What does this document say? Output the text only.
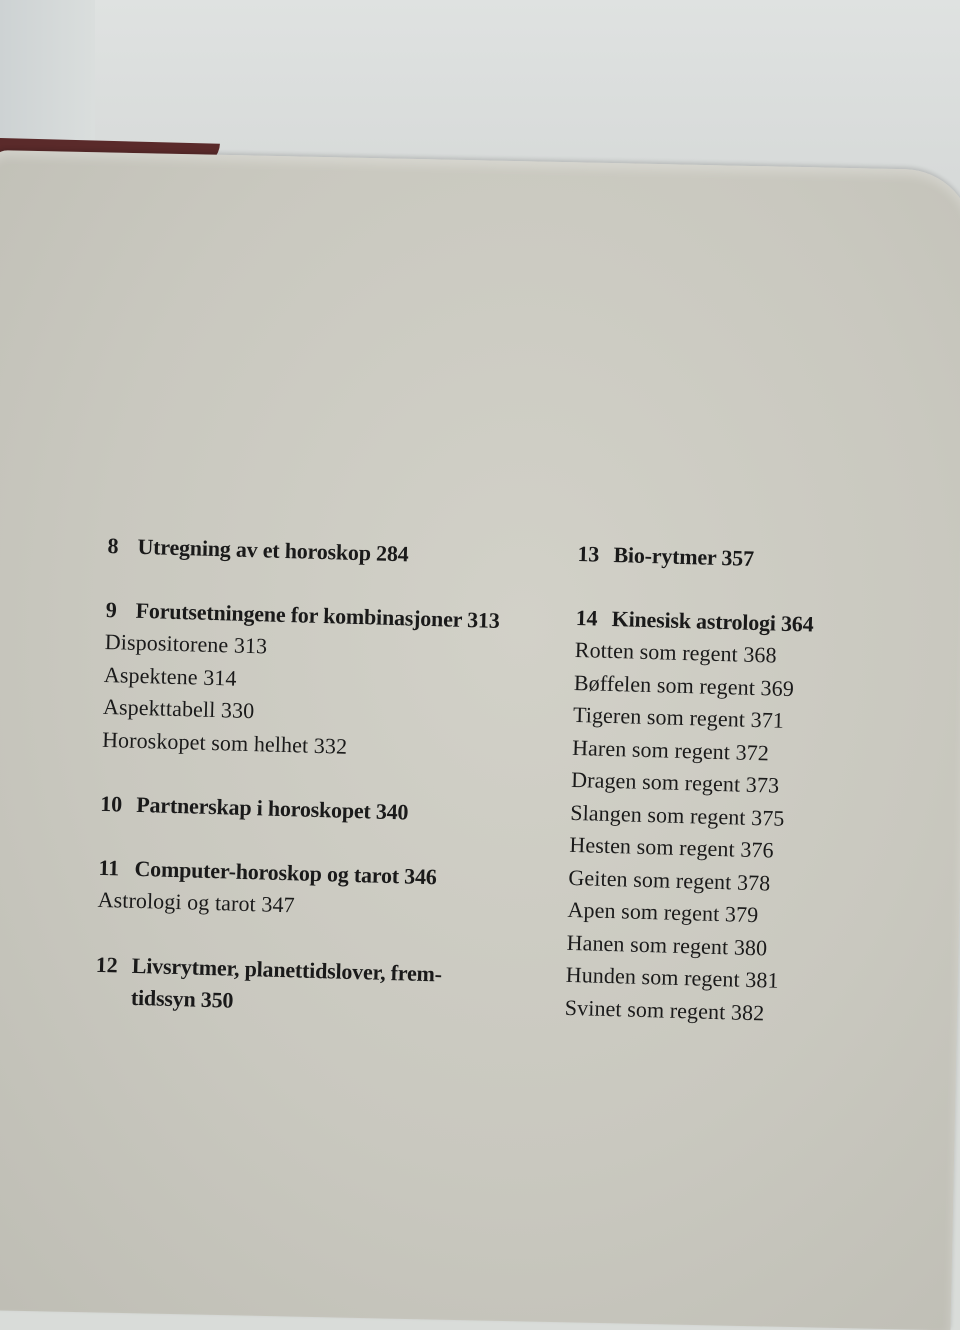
8 Utregning av et horoskop 284

9 Forutsetningene for kombinasjoner 313

Dispositorene 313

Aspektene 314

Aspekttabell 330

Horoskopet som helhet 332

10 Partnerskap i horoskopet 340

11 Computer-horoskop og tarot 346

Astrologi og tarot 347

12 Livsrytmer, planettidslover, frem-
tidssyn 350

13 Bio-rytmer 357

14 Kinesisk astrologi 364

Rotten som regent 368

Bøffelen som regent 369

Tigeren som regent 371

Haren som regent 372

Dragen som regent 373

Slangen som regent 375

Hesten som regent 376

Geiten som regent 378

Apen som regent 379

Hanen som regent 380

Hunden som regent 381

Svinet som regent 382
